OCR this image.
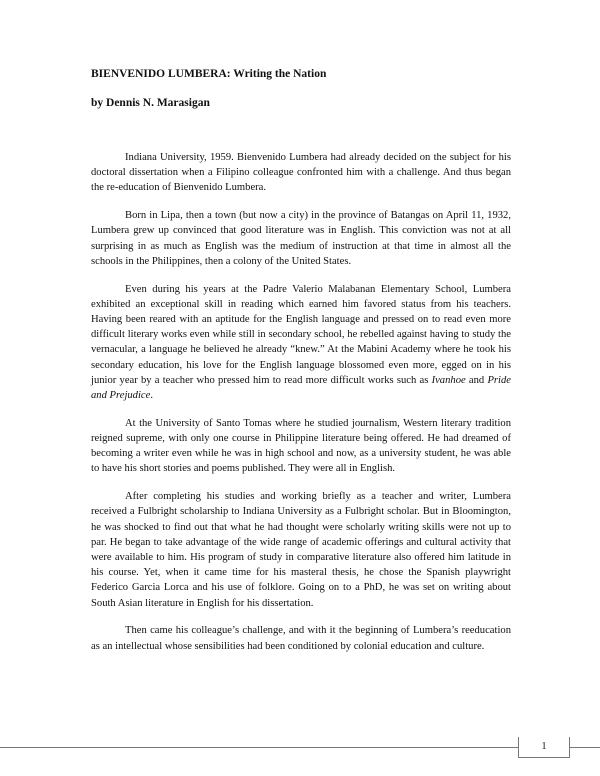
BIENVENIDO LUMBERA: Writing the Nation
by Dennis N. Marasigan

Indiana University, 1959. Bienvenido Lumbera had already decided on the subject for his doctoral dissertation when a Filipino colleague confronted him with a challenge. And thus began the re-education of Bienvenido Lumbera.

Born in Lipa, then a town (but now a city) in the province of Batangas on April 11, 1932, Lumbera grew up convinced that good literature was in English. This conviction was not at all surprising in as much as English was the medium of instruction at that time in almost all the schools in the Philippines, then a colony of the United States.

Even during his years at the Padre Valerio Malabanan Elementary School, Lumbera exhibited an exceptional skill in reading which earned him favored status from his teachers. Having been reared with an aptitude for the English language and pressed on to read even more difficult literary works even while still in secondary school, he rebelled against having to study the vernacular, a language he believed he already “knew.” At the Mabini Academy where he took his secondary education, his love for the English language blossomed even more, egged on in his junior year by a teacher who pressed him to read more difficult works such as Ivanhoe and Pride and Prejudice.

At the University of Santo Tomas where he studied journalism, Western literary tradition reigned supreme, with only one course in Philippine literature being offered. He had dreamed of becoming a writer even while he was in high school and now, as a university student, he was able to have his short stories and poems published. They were all in English.

After completing his studies and working briefly as a teacher and writer, Lumbera received a Fulbright scholarship to Indiana University as a Fulbright scholar. But in Bloomington, he was shocked to find out that what he had thought were scholarly writing skills were not up to par. He began to take advantage of the wide range of academic offerings and cultural activity that were available to him. His program of study in comparative literature also offered him latitude in his course. Yet, when it came time for his masteral thesis, he chose the Spanish playwright Federico Garcia Lorca and his use of folklore. Going on to a PhD, he was set on writing about South Asian literature in English for his dissertation.

Then came his colleague’s challenge, and with it the beginning of Lumbera’s reeducation as an intellectual whose sensibilities had been conditioned by colonial education and culture.

1
